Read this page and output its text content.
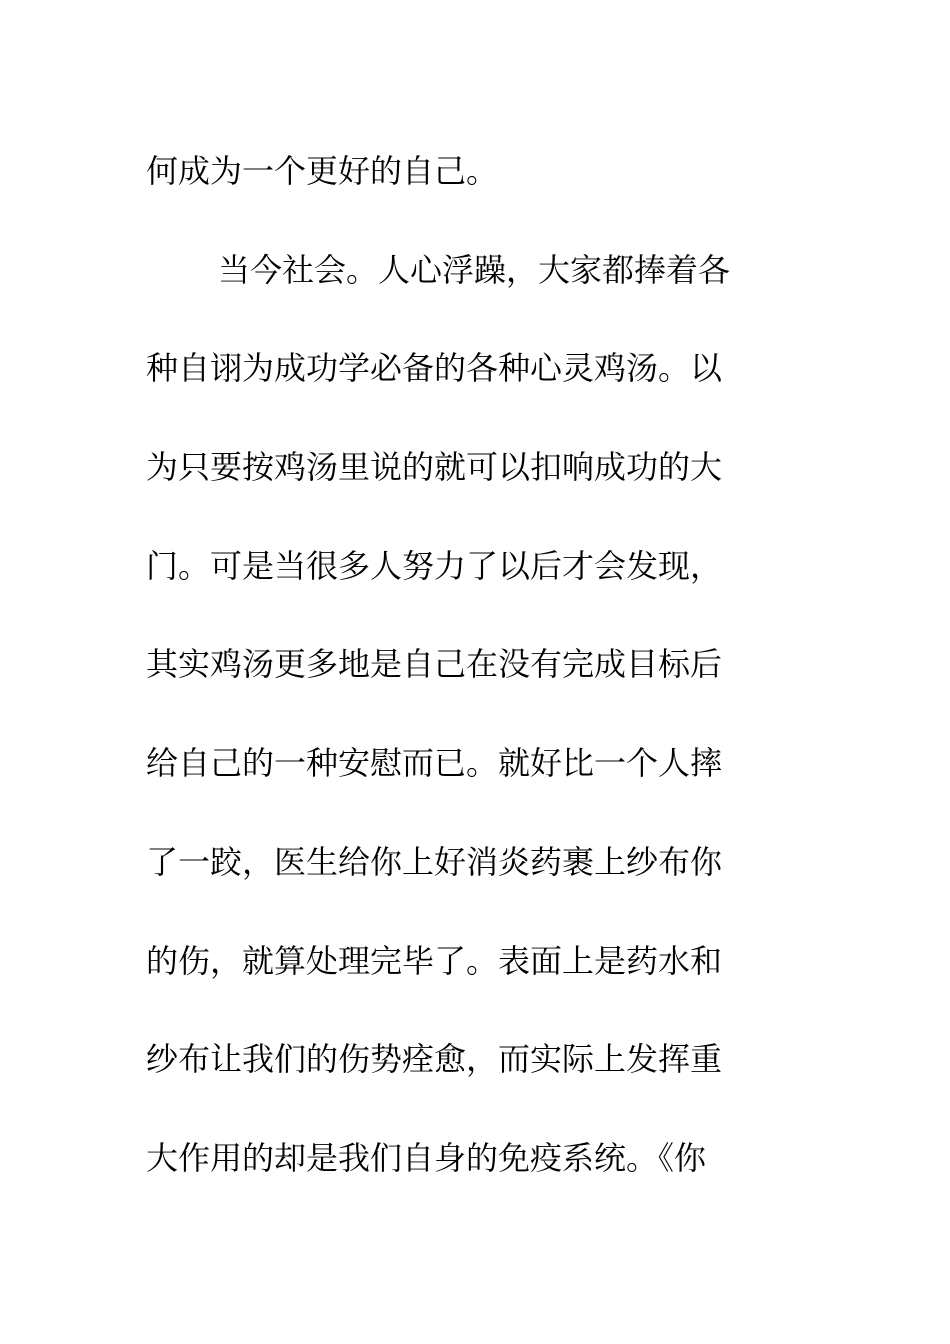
何成为一个更好的自己。
当今社会。人心浮躁，大家都捧着各
种自诩为成功学必备的各种心灵鸡汤。以
为只要按鸡汤里说的就可以扣响成功的大
门。可是当很多人努力了以后才会发现，
其实鸡汤更多地是自己在没有完成目标后
给自己的一种安慰而已。就好比一个人摔
了一跤，医生给你上好消炎药裹上纱布你
的伤，就算处理完毕了。表面上是药水和
纱布让我们的伤势痊愈，而实际上发挥重
大作用的却是我们自身的免疫系统。《你
